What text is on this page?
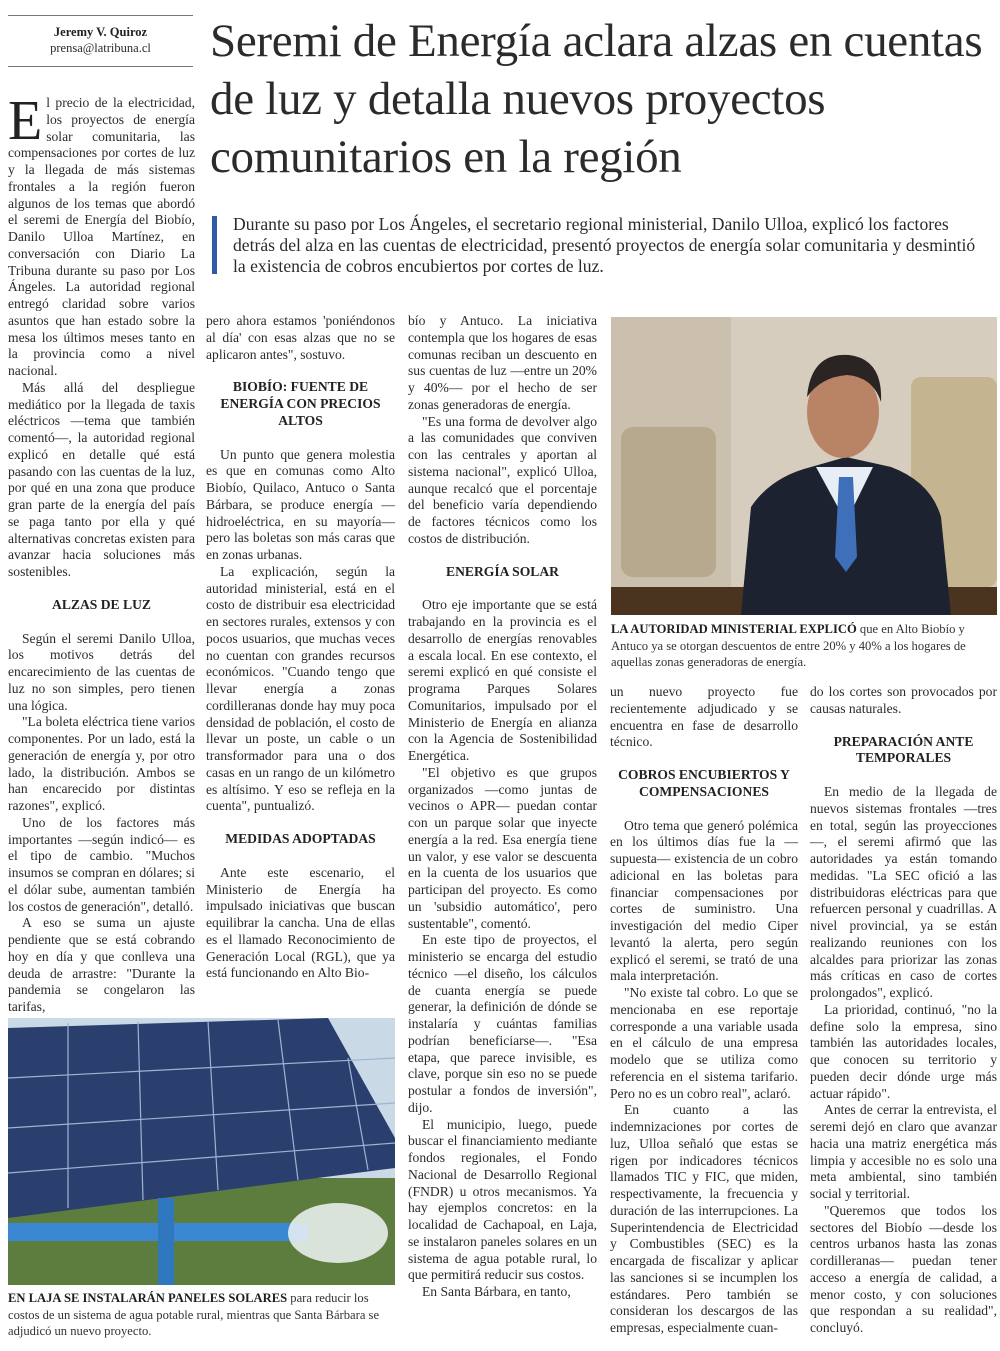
Jeremy V. Quiroz
prensa@latribuna.cl	Seremi de Energía aclara alzas en cuentas de luz y detalla nuevos proyectos comunitarios en la región

Durante su paso por Los Ángeles, el secretario regional ministerial, Danilo Ulloa, explicó los factores detrás del alza en las cuentas de electricidad, presentó proyectos de energía solar comunitaria y desmintió la existencia de cobros encubiertos por cortes de luz.

El precio de la electricidad, los proyectos de energía solar comunitaria, las compensaciones por cortes de luz y la llegada de más sistemas frontales a la región fueron algunos de los temas que abordó el seremi de Energía del Biobío, Danilo Ulloa Martínez, en conversación con Diario La Tribuna durante su paso por Los Ángeles. La autoridad regional entregó claridad sobre varios asuntos que han estado sobre la mesa los últimos meses tanto en la provincia como a nivel nacional.

Más allá del despliegue mediático por la llegada de taxis eléctricos —tema que también comentó—, la autoridad regional explicó en detalle qué está pasando con las cuentas de la luz, por qué en una zona que produce gran parte de la energía del país se paga tanto por ella y qué alternativas concretas existen para avanzar hacia soluciones más sostenibles.

ALZAS DE LUZ

Según el seremi Danilo Ulloa, los motivos detrás del encarecimiento de las cuentas de luz no son simples, pero tienen una lógica.

"La boleta eléctrica tiene varios componentes. Por un lado, está la generación de energía y, por otro lado, la distribución. Ambos se han encarecido por distintas razones", explicó.

Uno de los factores más importantes —según indicó— es el tipo de cambio. "Muchos insumos se compran en dólares; si el dólar sube, aumentan también los costos de generación", detalló.

A eso se suma un ajuste pendiente que se está cobrando hoy en día y que conlleva una deuda de arrastre: "Durante la pandemia se congelaron las tarifas,

pero ahora estamos 'poniéndonos al día' con esas alzas que no se aplicaron antes", sostuvo.

BIOBÍO: FUENTE DE ENERGÍA CON PRECIOS ALTOS

Un punto que genera molestia es que en comunas como Alto Biobío, Quilaco, Antuco o Santa Bárbara, se produce energía —hidroeléctrica, en su mayoría— pero las boletas son más caras que en zonas urbanas.

La explicación, según la autoridad ministerial, está en el costo de distribuir esa electricidad en sectores rurales, extensos y con pocos usuarios, que muchas veces no cuentan con grandes recursos económicos. "Cuando tengo que llevar energía a zonas cordilleranas donde hay muy poca densidad de población, el costo de llevar un poste, un cable o un transformador para una o dos casas en un rango de un kilómetro es altísimo. Y eso se refleja en la cuenta", puntualizó.

MEDIDAS ADOPTADAS

Ante este escenario, el Ministerio de Energía ha impulsado iniciativas que buscan equilibrar la cancha. Una de ellas es el llamado Reconocimiento de Generación Local (RGL), que ya está funcionando en Alto Bio-

bío y Antuco. La iniciativa contempla que los hogares de esas comunas reciban un descuento en sus cuentas de luz —entre un 20% y 40%— por el hecho de ser zonas generadoras de energía.

"Es una forma de devolver algo a las comunidades que conviven con las centrales y aportan al sistema nacional", explicó Ulloa, aunque recalcó que el porcentaje del beneficio varía dependiendo de factores técnicos como los costos de distribución.

ENERGÍA SOLAR

Otro eje importante que se está trabajando en la provincia es el desarrollo de energías renovables a escala local. En ese contexto, el seremi explicó en qué consiste el programa Parques Solares Comunitarios, impulsado por el Ministerio de Energía en alianza con la Agencia de Sostenibilidad Energética.

"El objetivo es que grupos organizados —como juntas de vecinos o APR— puedan contar con un parque solar que inyecte energía a la red. Esa energía tiene un valor, y ese valor se descuenta en la cuenta de los usuarios que participan del proyecto. Es como un 'subsidio automático', pero sustentable", comentó.

En este tipo de proyectos, el ministerio se encarga del estudio técnico —el diseño, los cálculos de cuanta energía se puede generar, la definición de dónde se instalaría y cuántas familias podrían beneficiarse—. "Esa etapa, que parece invisible, es clave, porque sin eso no se puede postular a fondos de inversión", dijo.

El municipio, luego, puede buscar el financiamiento mediante fondos regionales, el Fondo Nacional de Desarrollo Regional (FNDR) u otros mecanismos. Ya hay ejemplos concretos: en la localidad de Cachapoal, en Laja, se instalaron paneles solares en un sistema de agua potable rural, lo que permitirá reducir sus costos.

En Santa Bárbara, en tanto,

un nuevo proyecto fue recientemente adjudicado y se encuentra en fase de desarrollo técnico.

COBROS ENCUBIERTOS Y COMPENSACIONES

Otro tema que generó polémica en los últimos días fue la —supuesta— existencia de un cobro adicional en las boletas para financiar compensaciones por cortes de suministro. Una investigación del medio Ciper levantó la alerta, pero según explicó el seremi, se trató de una mala interpretación.

"No existe tal cobro. Lo que se mencionaba en ese reportaje corresponde a una variable usada en el cálculo de una empresa modelo que se utiliza como referencia en el sistema tarifario. Pero no es un cobro real", aclaró.

En cuanto a las indemnizaciones por cortes de luz, Ulloa señaló que estas se rigen por indicadores técnicos llamados TIC y FIC, que miden, respectivamente, la frecuencia y duración de las interrupciones. La Superintendencia de Electricidad y Combustibles (SEC) es la encargada de fiscalizar y aplicar las sanciones si se incumplen los estándares. Pero también se consideran los descargos de las empresas, especialmente cuan-

do los cortes son provocados por causas naturales.

PREPARACIÓN ANTE TEMPORALES

En medio de la llegada de nuevos sistemas frontales —tres en total, según las proyecciones—, el seremi afirmó que las autoridades ya están tomando medidas. "La SEC ofició a las distribuidoras eléctricas para que refuercen personal y cuadrillas. A nivel provincial, ya se están realizando reuniones con los alcaldes para priorizar las zonas más críticas en caso de cortes prolongados", explicó.

La prioridad, continuó, "no la define solo la empresa, sino también las autoridades locales, que conocen su territorio y pueden decir dónde urge más actuar rápido".

Antes de cerrar la entrevista, el seremi dejó en claro que avanzar hacia una matriz energética más limpia y accesible no es solo una meta ambiental, sino también social y territorial.

"Queremos que todos los sectores del Biobío —desde los centros urbanos hasta las zonas cordilleranas— puedan tener acceso a energía de calidad, a menor costo, y con soluciones que respondan a su realidad", concluyó.

LA AUTORIDAD MINISTERIAL EXPLICÓ que en Alto Biobío y Antuco ya se otorgan descuentos de entre 20% y 40% a los hogares de aquellas zonas generadoras de energía.
EN LAJA SE INSTALARÁN PANELES SOLARES para reducir los costos de un sistema de agua potable rural, mientras que Santa Bárbara se adjudicó un nuevo proyecto.
